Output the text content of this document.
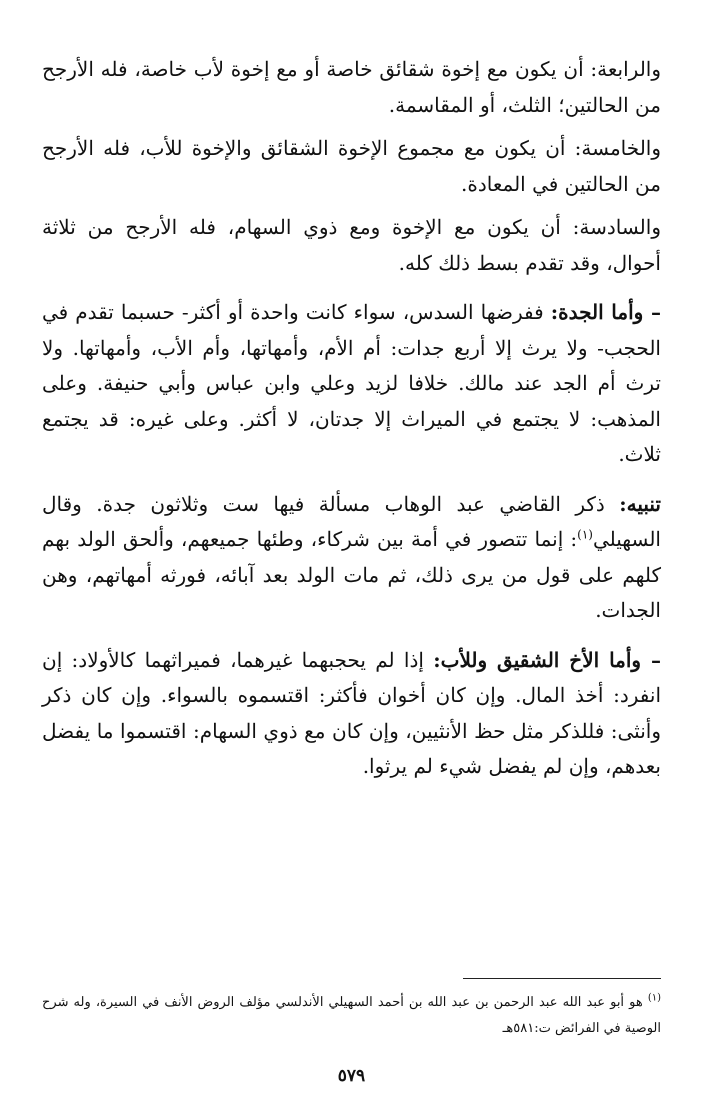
والرابعة: أن يكون مع إخوة شقائق خاصة أو مع إخوة لأب خاصة، فله الأرجح من الحالتين؛ الثلث، أو المقاسمة.

والخامسة: أن يكون مع مجموع الإخوة الشقائق والإخوة للأب، فله الأرجح من الحالتين في المعادة.

والسادسة: أن يكون مع الإخوة ومع ذوي السهام، فله الأرجح من ثلاثة أحوال، وقد تقدم بسط ذلك كله.

– وأما الجدة: ففرضها السدس، سواء كانت واحدة أو أكثر- حسبما تقدم في الحجب- ولا يرث إلا أربع جدات: أم الأم، وأمهاتها، وأم الأب، وأمهاتها. ولا ترث أم الجد عند مالك. خلافا لزيد وعلي وابن عباس وأبي حنيفة. وعلى المذهب: لا يجتمع في الميراث إلا جدتان، لا أكثر. وعلى غيره: قد يجتمع ثلاث.

تنبيه: ذكر القاضي عبد الوهاب مسألة فيها ست وثلاثون جدة. وقال السهيلي$^{(١)}$: إنما تتصور في أمة بين شركاء، وطئها جميعهم، وألحق الولد بهم كلهم على قول من يرى ذلك، ثم مات الولد بعد آبائه، فورثه أمهاتهم، وهن الجدات.

– وأما الأخ الشقيق وللأب: إذا لم يحجبهما غيرهما، فميراثهما كالأولاد: إن انفرد: أخذ المال. وإن كان أخوان فأكثر: اقتسموه بالسواء. وإن كان ذكر وأنثى: فللذكر مثل حظ الأنثيين، وإن كان مع ذوي السهام: اقتسموا ما يفضل بعدهم، وإن لم يفضل شيء لم يرثوا.

$^{(١)}$ هو أبو عبد الله عبد الرحمن بن عبد الله بن أحمد السهيلي الأندلسي مؤلف الروض الأنف في السيرة، وله شرح الوصية في الفرائض ت:٥٨١هـ
٥٧٩
